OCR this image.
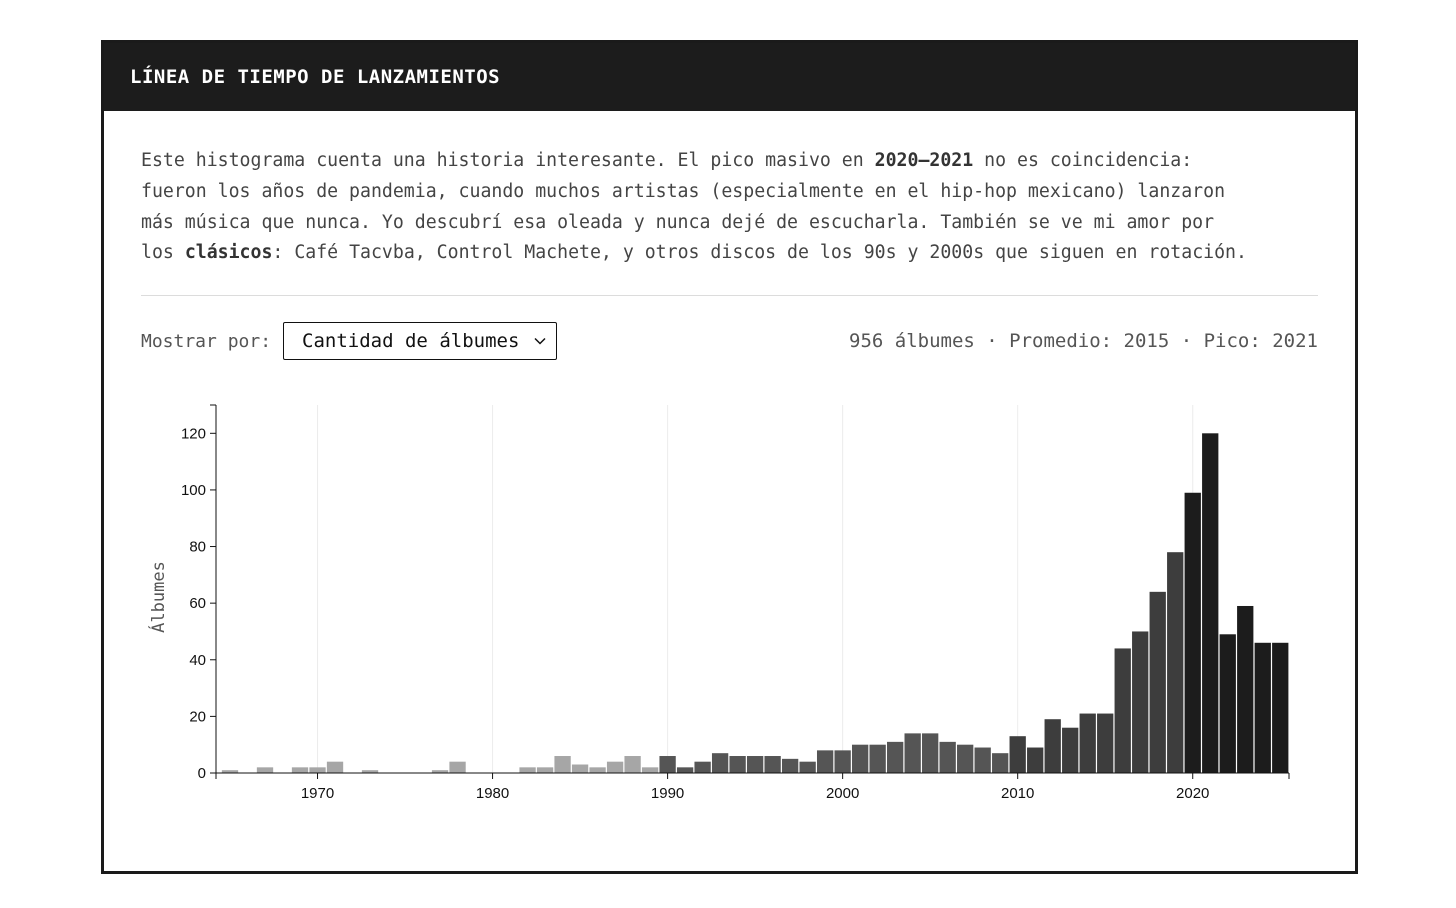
LÍNEA DE TIEMPO DE LANZAMIENTOS

Este histograma cuenta una historia interesante. El pico masivo en 2020–2021 no es coincidencia:
fueron los años de pandemia, cuando muchos artistas (especialmente en el hip-hop mexicano) lanzaron
más música que nunca. Yo descubrí esa oleada y nunca dejé de escucharla. También se ve mi amor por
los clásicos: Café Tacvba, Control Machete, y otros discos de los 90s y 2000s que siguen en rotación.

Mostrar por: Cantidad de álbumes	956 álbumes · Promedio: 2015 · Pico: 2021
0
20
40
60
80
100
120
1970	1980	1990	2000	2010	2020
Álbumes
